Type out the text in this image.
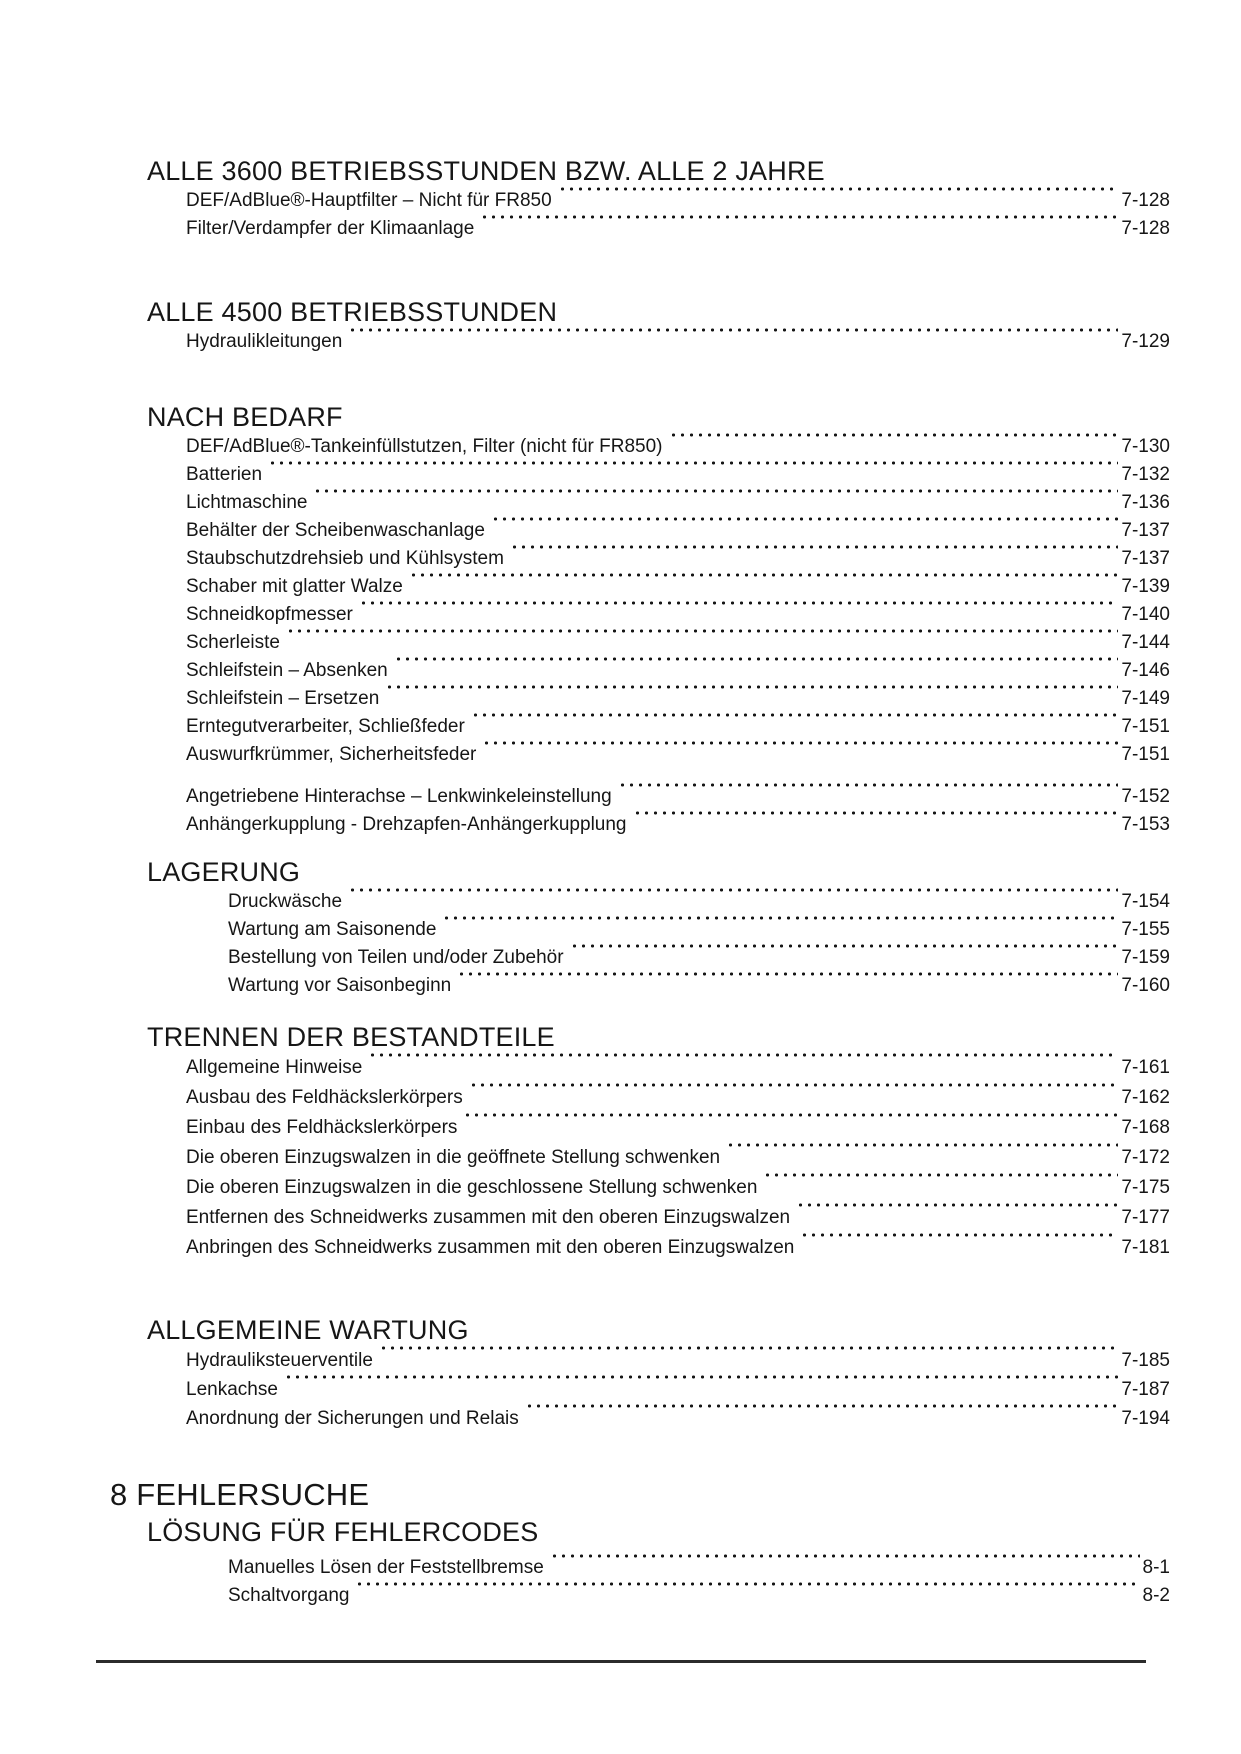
ALLE 3600 BETRIEBSSTUNDEN BZW. ALLE 2 JAHRE
DEF/AdBlue®-Hauptfilter – Nicht für FR850	7-128
Filter/Verdampfer der Klimaanlage	7-128
ALLE 4500 BETRIEBSSTUNDEN
Hydraulikleitungen	7-129
NACH BEDARF
DEF/AdBlue®-Tankeinfüllstutzen, Filter (nicht für FR850)	7-130
Batterien	7-132
Lichtmaschine	7-136
Behälter der Scheibenwaschanlage	7-137
Staubschutzdrehsieb und Kühlsystem	7-137
Schaber mit glatter Walze	7-139
Schneidkopfmesser	7-140
Scherleiste	7-144
Schleifstein – Absenken	7-146
Schleifstein – Ersetzen	7-149
Erntegutverarbeiter, Schließfeder	7-151
Auswurfkrümmer, Sicherheitsfeder	7-151
Angetriebene Hinterachse – Lenkwinkeleinstellung	7-152
Anhängerkupplung - Drehzapfen-Anhängerkupplung	7-153
LAGERUNG
Druckwäsche	7-154
Wartung am Saisonende	7-155
Bestellung von Teilen und/oder Zubehör	7-159
Wartung vor Saisonbeginn	7-160
TRENNEN DER BESTANDTEILE
Allgemeine Hinweise	7-161
Ausbau des Feldhäckslerkörpers	7-162
Einbau des Feldhäckslerkörpers	7-168
Die oberen Einzugswalzen in die geöffnete Stellung schwenken	7-172
Die oberen Einzugswalzen in die geschlossene Stellung schwenken	7-175
Entfernen des Schneidwerks zusammen mit den oberen Einzugswalzen	7-177
Anbringen des Schneidwerks zusammen mit den oberen Einzugswalzen	7-181
ALLGEMEINE WARTUNG
Hydrauliksteuerventile	7-185
Lenkachse	7-187
Anordnung der Sicherungen und Relais	7-194
8 FEHLERSUCHE
LÖSUNG FÜR FEHLERCODES
Manuelles Lösen der Feststellbremse	8-1
Schaltvorgang	8-2
